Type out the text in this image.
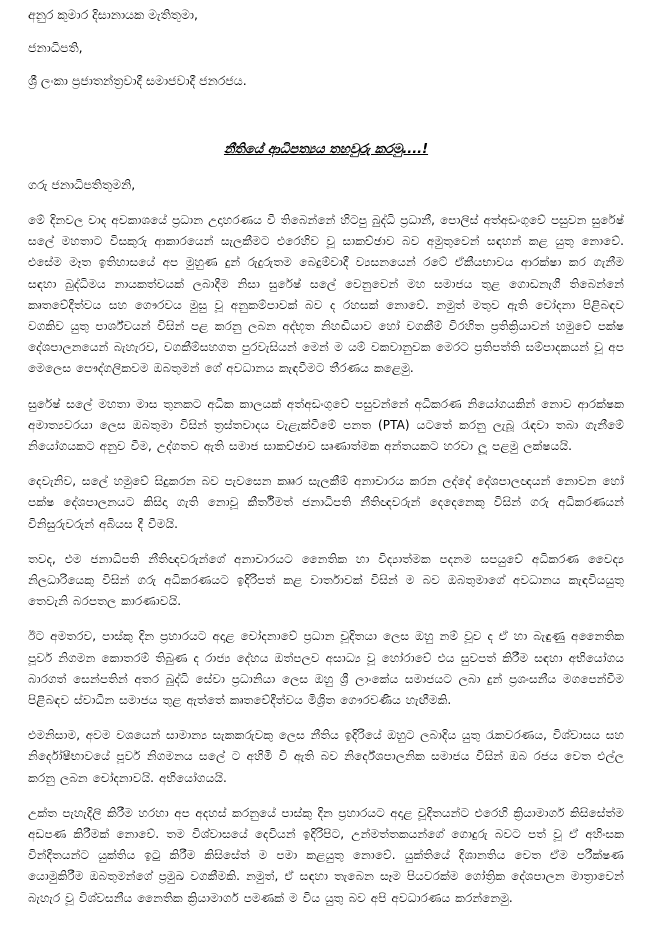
අනුර කුමාර දිසානායක මැතිතුමා,

ජනාධිපති,

ශ්‍රී ලංකා ප්‍රජාතන්ත්‍රවාදී සමාජවාදී ජනරජය.

නීතියේ ආධිපත්‍යය තහවුරු කරමු....!

ගරු ජනාධිපතිතුමනි,

මේ දිනවල වාද අවකාශයේ ප්‍රධාන උදාහරණය වී තිබෙන්නේ හිටපු බුද්ධි ප්‍රධානී, පොලිස් අත්අඩංගුවේ පසුවන සුරේෂ් සලේ මහතාට විසකුරු ආකාරයෙන් සැලකීමට එරෙහිව වූ සාකච්ඡාව බව අමුතුවෙන් සඳහන් කළ යුතු නොවේ. එසේම මෑත ඉතිහාසයේ අප මුහුණ දුන් රුදුරුතම බෙදුම්වාදී ව්‍යසනයෙන් රටේ ඒකීයභාවය ආරක්ෂා කර ගැනීම සඳහා බුද්ධිමය නායකත්වයක් ලබාදීම නිසා සුරේෂ් සලේ වෙනුවෙන් මහ සමාජය තුළ ගොඩනැගී තිබෙන්නේ කෘතවේදීත්වය සහ ගෞරවය මුසු වූ අනුකම්පාවක් බව ද රහසක් නොවේ. නමුත් මතුව ඇති චෝදනා පිළිබඳව වගකිව යුතු පාර්ශ්වයන් විසින් පළ කරනු ලබන අද්භූත නිහඬියාව හෝ වගකීම් විරහිත ප්‍රතික්‍රියාවන් හමුවේ පක්ෂ දේශපාලනයෙන් බැහැරව, වගකීම්සහගත පුරවැසියන් මෙන් ම යම් වකවානුවක මෙරට ප්‍රතිපත්ති සම්පාදකයන් වූ අප මෙලෙස පෞද්ගලිකවම ඔබතුමන් ගේ අවධානය කැඳවීමට තීරණය කළෙමු.

සුරේෂ් සලේ මහතා මාස තුනකට අධික කාලයක් අත්අඩංගුවේ පසුවන්නේ අධිකරණ නියෝගයකින් නොව ආරක්ෂක අමාත්‍යවරයා ලෙස ඔබතුමා විසින් ත්‍රස්තවාදය වැළැක්වීමේ පනත (PTA) යටතේ කරනු ලැබූ රැඳවා තබා ගැනීමේ නියෝගයකට අනුව වීම, උද්ගතව ඇති සමාජ සාකච්ඡාව සෘණාත්මක අන්තයකට හරවා ලූ පළමු ලක්ෂයයි.

දෙවැනිව, සලේ හමුවේ සිදුකරන බව පැවසෙන කෲර සැලකීම් අනාචාරය කරන ලද්දේ දේශපාලඥයන් නොවන හෝ පක්ෂ දේශපාලනයට කිසිදා ගැති නොවූ කීර්තිමත් ජනාධිපති නීතිඥවරුන් දෙදෙනෙකු විසින් ගරු අධිකරණයන් විනිසුරුවරුන් අබියස දී වීමයි.

තවද, එම ජනාධිපති නීතිඥවරුන්ගේ අනාචාරයට නෛතික හා විද්‍යාත්මක පදනම සපයුවේ අධිකරණ වෛද්‍ය නිලධාරියෙකු විසින් ගරු අධිකරණයට ඉදිරිපත් කළ වාර්තාවක් විසින් ම බව ඔබතුමාගේ අවධානය කැඳවියයුතු තෙවැනි බරපතල කාරණාවයි.

ඊට අමතරව, පාස්කු දින ප්‍රහාරයට අදාළ චෝදනාවේ ප්‍රධාන චූදිතයා ලෙස ඔහු නම් වූව ද ඒ හා බැඳුණු අනෛතික පූර්ව නිගමන කොතරම් තිබුණ ද රාජ්‍ය දේහය ඔත්පලව අසාධ්‍ය වූ හෝරාවේ එය සුවපත් කිරීම සඳහා අභියෝගය බාරගත් සෙන්පතින් අතර බුද්ධි සේවා ප්‍රධානියා ලෙස ඔහු ශ්‍රී ලාංකේය සමාජයට ලබා දුන් ප්‍රශංසනීය මගපෙන්වීම පිළිබඳව ස්වාධීන සමාජය තුළ ඇත්තේ කෘතවේදීත්වය මිශ්‍රිත ගෞරවණීය හැඟීමකි.

එමනිසාම, අවම වශයෙන් සාමාන්‍ය සැකකරුවකු ලෙස නීතිය ඉදිරියේ ඔහුට ලබාදිය යුතු රැකවරණය, විශ්වාසය සහ නිර්දෝෂීභාවයේ පූර්ව නිගමනය සලේ ට අහිමි වී ඇති බව නිර්දේශපාලනික සමාජය විසින් ඔබ රජය වෙත එල්ල කරනු ලබන චෝදනාවයි. අභියෝගයයි.

උක්ත පැහැදිලි කිරීම හරහා අප අදහස් කරනුයේ පාස්කු දින ප්‍රහාරයට අදාළ චූදිතයන්ට එරෙහි ක්‍රියාමාර්ග කිසිසේත්ම අඩපණ කිරීමක් නොවේ. තම විශ්වාසයේ දෙවියන් ඉදිරිපිට, උන්මත්තකයන්ගේ ගොදුරු බවට පත් වූ ඒ අහිංසක වින්දිතයන්ට යුක්තිය ඉටු කිරීම කිසිසේත් ම පමා කළයුතු නොවේ. යුක්තියේ දිශානතිය වෙත ඒම පරීක්ෂණ යොමුකිරීම ඔබතුමන්ගේ ප්‍රමුඛ වගකීමකි. නමුත්, ඒ සඳහා තැබෙන සෑම පියවරක්ම ගෝත්‍රික දේශපාලන මාත්‍රාවෙන් බැහැර වූ විශ්වසනීය නෛතික ක්‍රියාමාර්ග පමණක් ම විය යුතු බව අපි අවධාරණය කරන්නෙමු.
